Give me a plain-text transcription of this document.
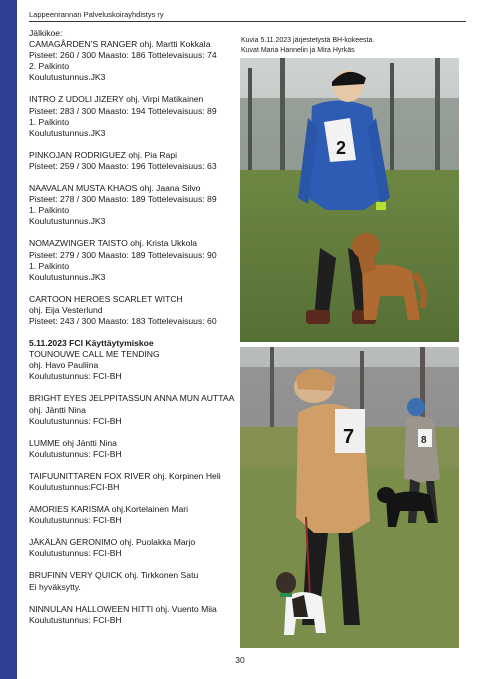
Lappeenrannan Palveluskoirayhdistys ry
Jälkikoe:
CAMAGÅRDEN’S RANGER ohj. Martti Kokkala
Pisteet: 260 / 300 Maasto: 186 Tottelevaisuus: 74
2. Palkinto
Koulutustunnus.JK3
INTRO Z UDOLI JIZERY ohj. Virpi Matikainen
Pisteet: 283 / 300 Maasto: 194 Tottelevaisuus: 89
1. Palkinto
Koulutustunnus.JK3
PINKOJAN RODRIGUEZ ohj. Pia Rapi
Pisteet: 259 / 300 Maasto: 196 Tottelevaisuus: 63
NAAVALAN MUSTA KHAOS ohj. Jaana Silvo
Pisteet: 278 / 300 Maasto: 189 Tottelevaisuus: 89
1. Palkinto
Koulutustunnus.JK3
NOMAZWINGER TAISTO ohj. Krista Ukkola
Pisteet: 279 / 300 Maasto: 189 Tottelevaisuus: 90
1. Palkinto
Koulutustunnus.JK3
CARTOON HEROES SCARLET WITCH
ohj. Eija Vesterlund
Pisteet: 243 / 300 Maasto: 183 Tottelevaisuus: 60
5.11.2023 FCI Käyttäytymiskoe
TOUNOUWE CALL ME TENDING
ohj. Havo Pauliina
Koulutustunnus: FCI-BH
BRIGHT EYES JELPPITASSUN ANNA MUN AUTTAA
ohj. Jäntti Nina
Koulutustunnus: FCI-BH
LUMME ohj Jäntti Nina
Koulutustunnus: FCI-BH
TAIFUUNITTAREN FOX RIVER ohj. Korpinen Heli
Koulutustunnus:FCI-BH
AMORIES KARISMA ohj.Kortelainen Mari
Koulutustunnus: FCI-BH
JÄKÄLÄN GERONIMO ohj. Puolakka Marjo
Koulutustunnus: FCI-BH
BRUFINN VERY QUICK ohj. Tirkkonen Satu
Ei hyväksytty.
NINNULAN HALLOWEEN HITTI ohj. Vuento Miia
Koulutustunnus: FCI-BH
Kuvia 5.11.2023 järjestetystä BH-kokeesta.
Kuvat Maria Hannelin ja Mira Hyrkäs
2
8
7
30
